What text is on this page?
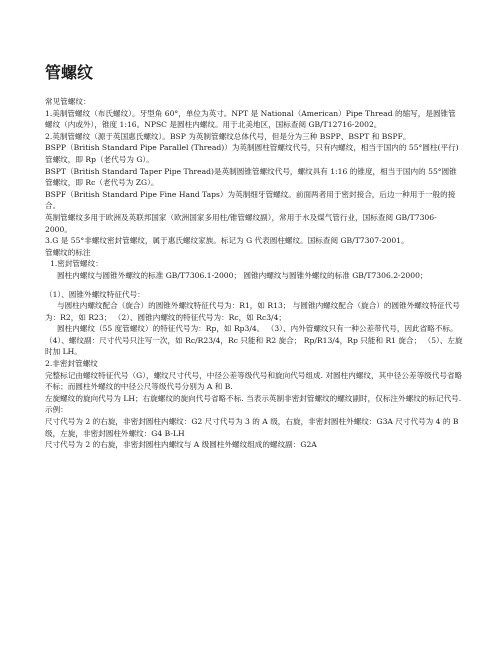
管螺纹

常见管螺纹：

1.美制管螺纹（布氏螺纹）。牙型角 60°，单位为英寸。NPT 是 National（American）Pipe Thread 的缩写，是圆锥管螺纹（内或外），锥度 1:16。NPSC 是圆柱内螺纹。用于北美地区，国标查阅 GB/T12716-2002。

2.英制管螺纹（源于英国惠氏螺纹）。BSP 为英制管螺纹总体代号，但是分为三种 BSPP、BSPT 和 BSPF。

BSPP（British Standard Pipe Parallel (Thread)）为英制圆柱管螺纹代号，只有内螺纹，相当于国内的 55°圆柱(平行)管螺纹，即 Rp（老代号为 G）。

BSPT（British Standard Taper Pipe Thread)是英制圆锥管螺纹代号，螺纹具有 1:16 的锥度，相当于国内的 55°圆锥管螺纹，即 Rc（老代号为 ZG）。

BSPF（British Standard Pipe Fine Hand Taps）为英制细牙管螺纹。前面两者用于密封接合，后边一种用于一般的接合。

英制管螺纹多用于欧洲及英联邦国家（欧洲国家多用柱/锥管螺纹副），常用于水及煤气管行业，国标查阅 GB/T7306-2000。

3.G 是 55°非螺纹密封管螺纹，属于惠氏螺纹家族。标记为 G 代表圆柱螺纹。国标查阅 GB/T7307-2001。

管螺纹的标注

1.密封管螺纹：

圆柱内螺纹与圆锥外螺纹的标准 GB/T7306.1-2000； 圆锥内螺纹与圆锥外螺纹的标准 GB/T7306.2-2000；

（1）、圆锥外螺纹特征代号：

与圆柱内螺纹配合（旋合）的圆锥外螺纹特征代号为：R1，如 R13； 与圆锥内螺纹配合（旋合）的圆锥外螺纹特征代号为：R2，如 R23； （2）、圆锥内螺纹的特征代号为：Rc，如 Rc3/4；

圆柱内螺纹（55 度管螺纹）的特征代号为：Rp，如 Rp3/4。 （3）、内外管螺纹只有一种公差带代号，因此省略不标。 （4）、螺纹副：尺寸代号只注写一次，如 Rc/R23/4，Rc 只能和 R2 旋合； Rp/R13/4，Rp 只能和 R1 旋合； （5）、左旋时加 LH。

2.非密封管螺纹

完整标记由螺纹特征代号（G），螺纹尺寸代号，中径公差等级代号和旋向代号组成. 对圆柱内螺纹，其中径公差等级代号省略不标；而圆柱外螺纹的中径公尺等级代号分别为 A 和 B.

左旋螺纹的旋向代号为 LH；右旋螺纹的旋向代号省略不标. 当表示英制非密封管螺纹的螺纹副时，仅标注外螺纹的标记代号. 示例：

尺寸代号为 2 的右旋，非密封圆柱内螺纹：G2 尺寸代号为 3 的 A 级，右旋，非密封圆柱外螺纹：G3A 尺寸代号为 4 的 B 级，左旋，非密封圆柱外螺纹：G4 B-LH

尺寸代号为 2 的右旋，非密封圆柱内螺纹与 A 级圆柱外螺纹组成的螺纹副：G2A
